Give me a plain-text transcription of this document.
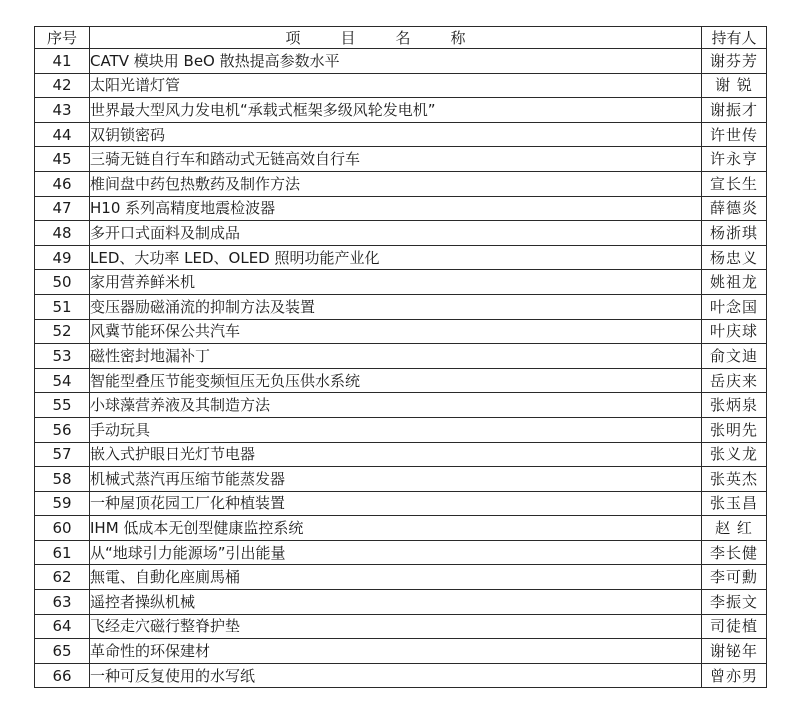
序号	项目名称	持有人
41	CATV 模块用 BeO 散热提高参数水平	谢芬芳
42	太阳光谱灯管	谢 锐
43	世界最大型风力发电机“承载式框架多级风轮发电机”	谢振才
44	双钥锁密码	许世传
45	三骑无链自行车和踏动式无链高效自行车	许永亨
46	椎间盘中药包热敷药及制作方法	宣长生
47	H10 系列高精度地震检波器	薛德炎
48	多开口式面料及制成品	杨浙琪
49	LED、大功率 LED、OLED 照明功能产业化	杨忠义
50	家用营养鲜米机	姚祖龙
51	变压器励磁涌流的抑制方法及装置	叶念国
52	风冀节能环保公共汽车	叶庆球
53	磁性密封地漏补丁	俞文迪
54	智能型叠压节能变频恒压无负压供水系统	岳庆来
55	小球藻营养液及其制造方法	张炳泉
56	手动玩具	张明先
57	嵌入式护眼日光灯节电器	张义龙
58	机械式蒸汽再压缩节能蒸发器	张英杰
59	一种屋顶花园工厂化种植装置	张玉昌
60	IHM 低成本无创型健康监控系统	赵 红
61	从“地球引力能源场”引出能量	李长健
62	無電、自動化座廁馬桶	李可勳
63	遥控者操纵机械	李振文
64	飞经走穴磁行整脊护垫	司徒植
65	革命性的环保建材	谢铋年
66	一种可反复使用的水写纸	曾亦男
